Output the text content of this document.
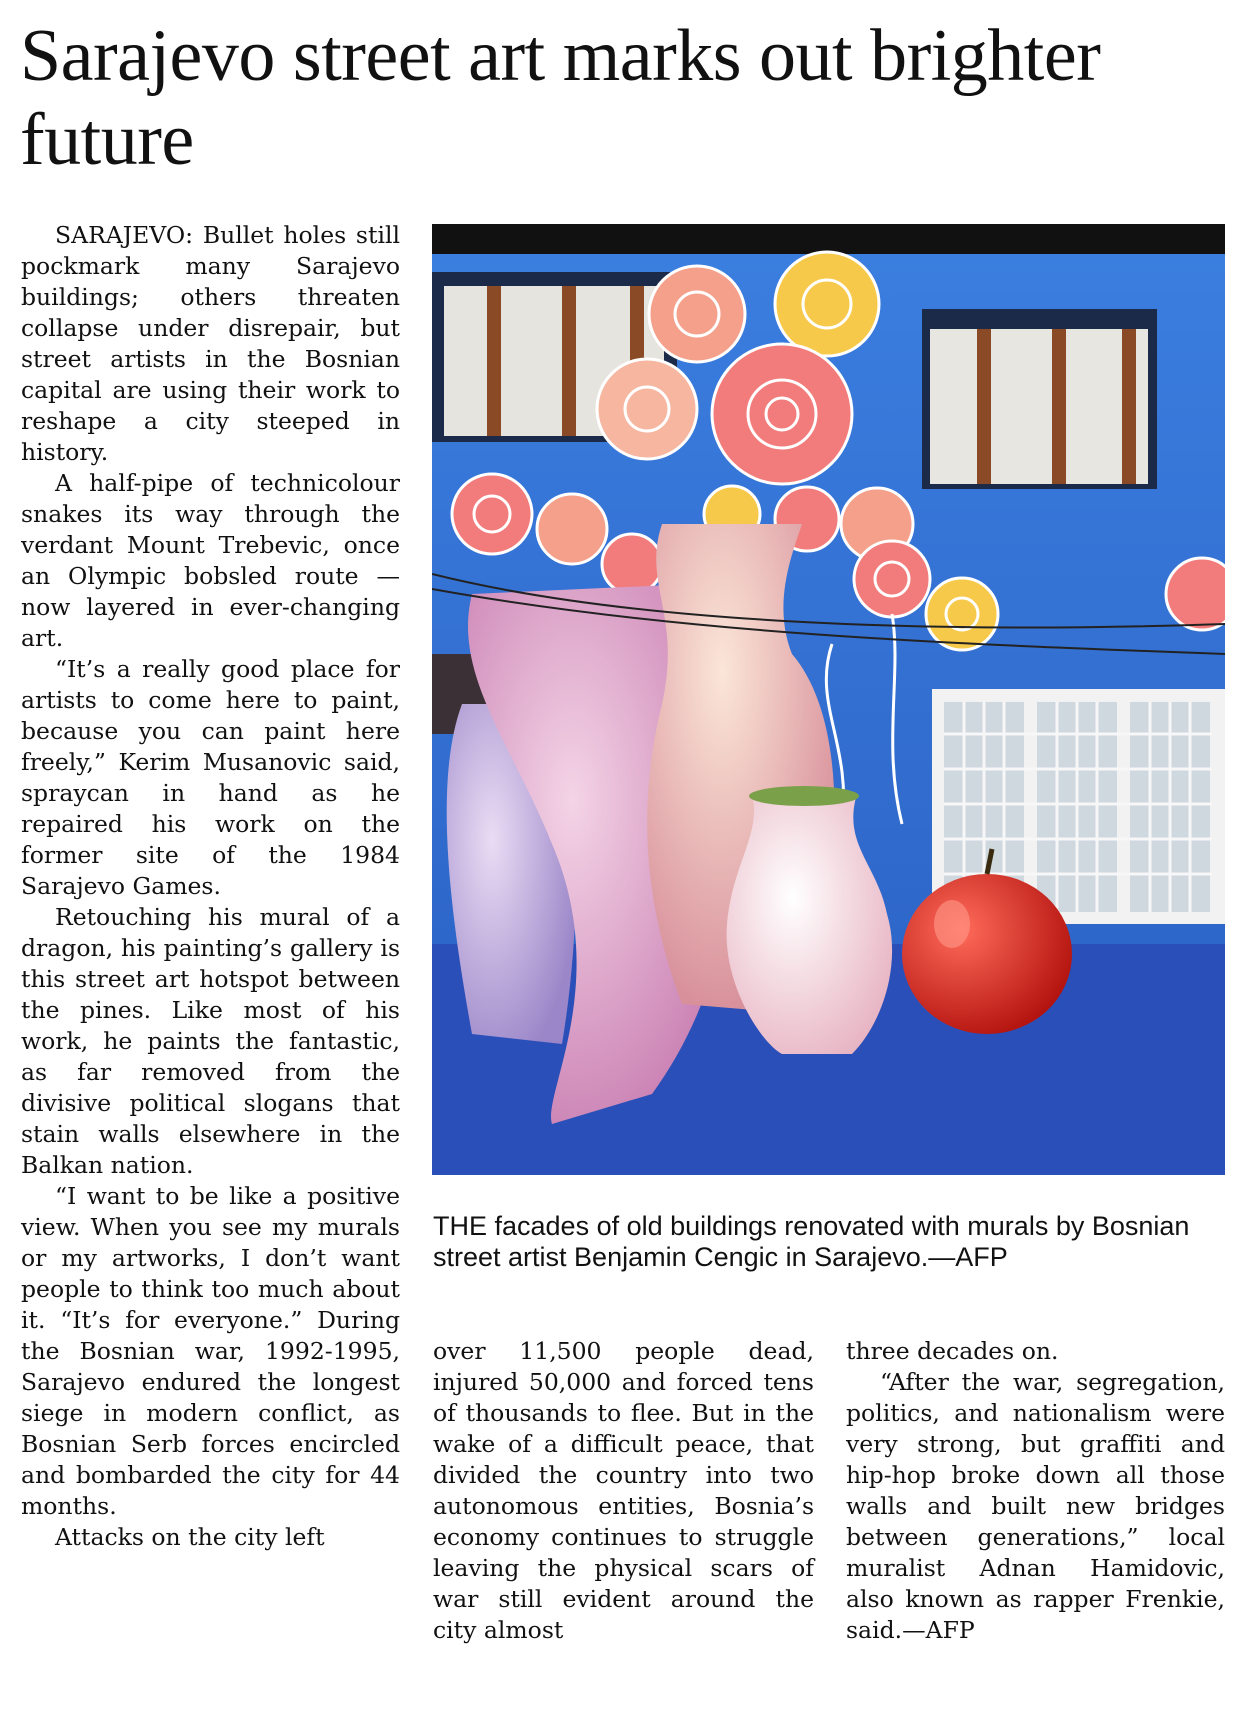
Sarajevo street art marks out brighter future

SARAJEVO: Bullet holes still pockmark many Sarajevo buildings; others threaten collapse under disrepair, but street artists in the Bosnian capital are using their work to reshape a city steeped in history.

A half-pipe of technicolour snakes its way through the verdant Mount Trebevic, once an Olympic bobsled route — now layered in ever-changing art.

“It’s a really good place for artists to come here to paint, because you can paint here freely,” Kerim Musanovic said, spraycan in hand as he repaired his work on the former site of the 1984 Sarajevo Games.

Retouching his mural of a dragon, his painting’s gallery is this street art hotspot between the pines. Like most of his work, he paints the fantastic, as far removed from the divisive political slogans that stain walls elsewhere in the Balkan nation.

“I want to be like a positive view. When you see my murals or my artworks, I don’t want people to think too much about it. “It’s for everyone.” During the Bosnian war, 1992-1995, Sarajevo endured the longest siege in modern conflict, as Bosnian Serb forces encircled and bombarded the city for 44 months.

Attacks on the city left

THE facades of old buildings renovated with murals by Bosnian street artist Benjamin Cengic in Sarajevo.—AFP

over 11,500 people dead, injured 50,000 and forced tens of thousands to flee. But in the wake of a difficult peace, that divided the country into two autonomous entities, Bosnia’s economy continues to struggle leaving the physical scars of war still evident around the city almost

three decades on.

“After the war, segregation, politics, and nationalism were very strong, but graffiti and hip-hop broke down all those walls and built new bridges between generations,” local muralist Adnan Hamidovic, also known as rapper Frenkie, said.—AFP
